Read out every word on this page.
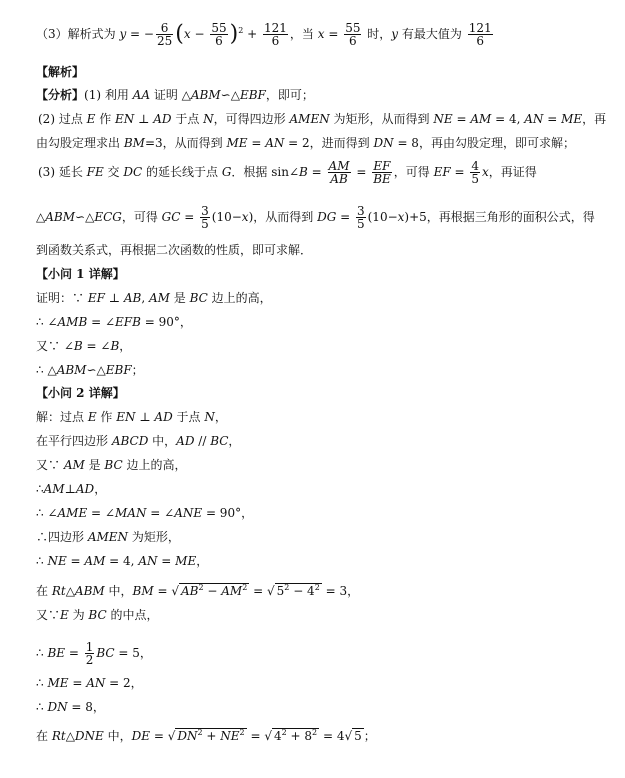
（3）解析式为 y = − $\frac{6}{25} (x - \frac{55}{6} )^2 + \frac{121}{6}$ ，当 $x = \frac{55}{6}$ 时，y 有最大值为 $\frac{121}{6}$
【解析】
【分析】(1) 利用 AA 证明 △ABM∽△EBF，即可；
(2) 过点 E 作 EN ⊥ AD 于点 N，可得四边形 AMEN 为矩形，从而得到 NE = AM = 4, AN = ME，再
由勾股定理求出 BM=3，从而得到 ME = AN = 2，进而得到 DN = 8，再由勾股定理，即可求解；
(3) 延长 FE 交 DC 的延长线于点 G．根据 sin∠B = $\frac{AM}{AB} = \frac{EF}{BE}$ ，可得 EF = $\frac{4}{5}$ x，再证得
△ABM∽△ECG，可得 GC = $\frac{3}{5} (10-x)$，从而得到 DG = $\frac{3}{5} (10-x)+5$，再根据三角形的面积公式，得
到函数关系式，再根据二次函数的性质，即可求解．
【小问 1 详解】
证明：∵ EF ⊥ AB, AM 是 BC 边上的高，
∴ ∠AMB = ∠EFB = 90°，
又∵ ∠B = ∠B，
∴ △ABM∽△EBF；
【小问 2 详解】
解：过点 E 作 EN ⊥ AD 于点 N，
在平行四边形 ABCD 中，AD // BC，
又∵ AM 是 BC 边上的高，
∴AM⊥AD，
∴ ∠AME = ∠MAN = ∠ANE = 90°，
∴四边形 AMEN 为矩形，
∴ NE = AM = 4, AN = ME，
在 Rt△ABM 中，BM = √ $AB^2 - AM^2$ = √ $5^2 - 4^2 = 3$，
又∵E 为 BC 的中点，
∴ BE = $\frac{1}{2}$ BC = 5，
∴ ME = AN = 2，
∴ DN = 8，
在 Rt△DNE 中，DE = √ $DN^2 + NE^2$ = √ $4^2 + 8^2 = 4√$ 5 ；
